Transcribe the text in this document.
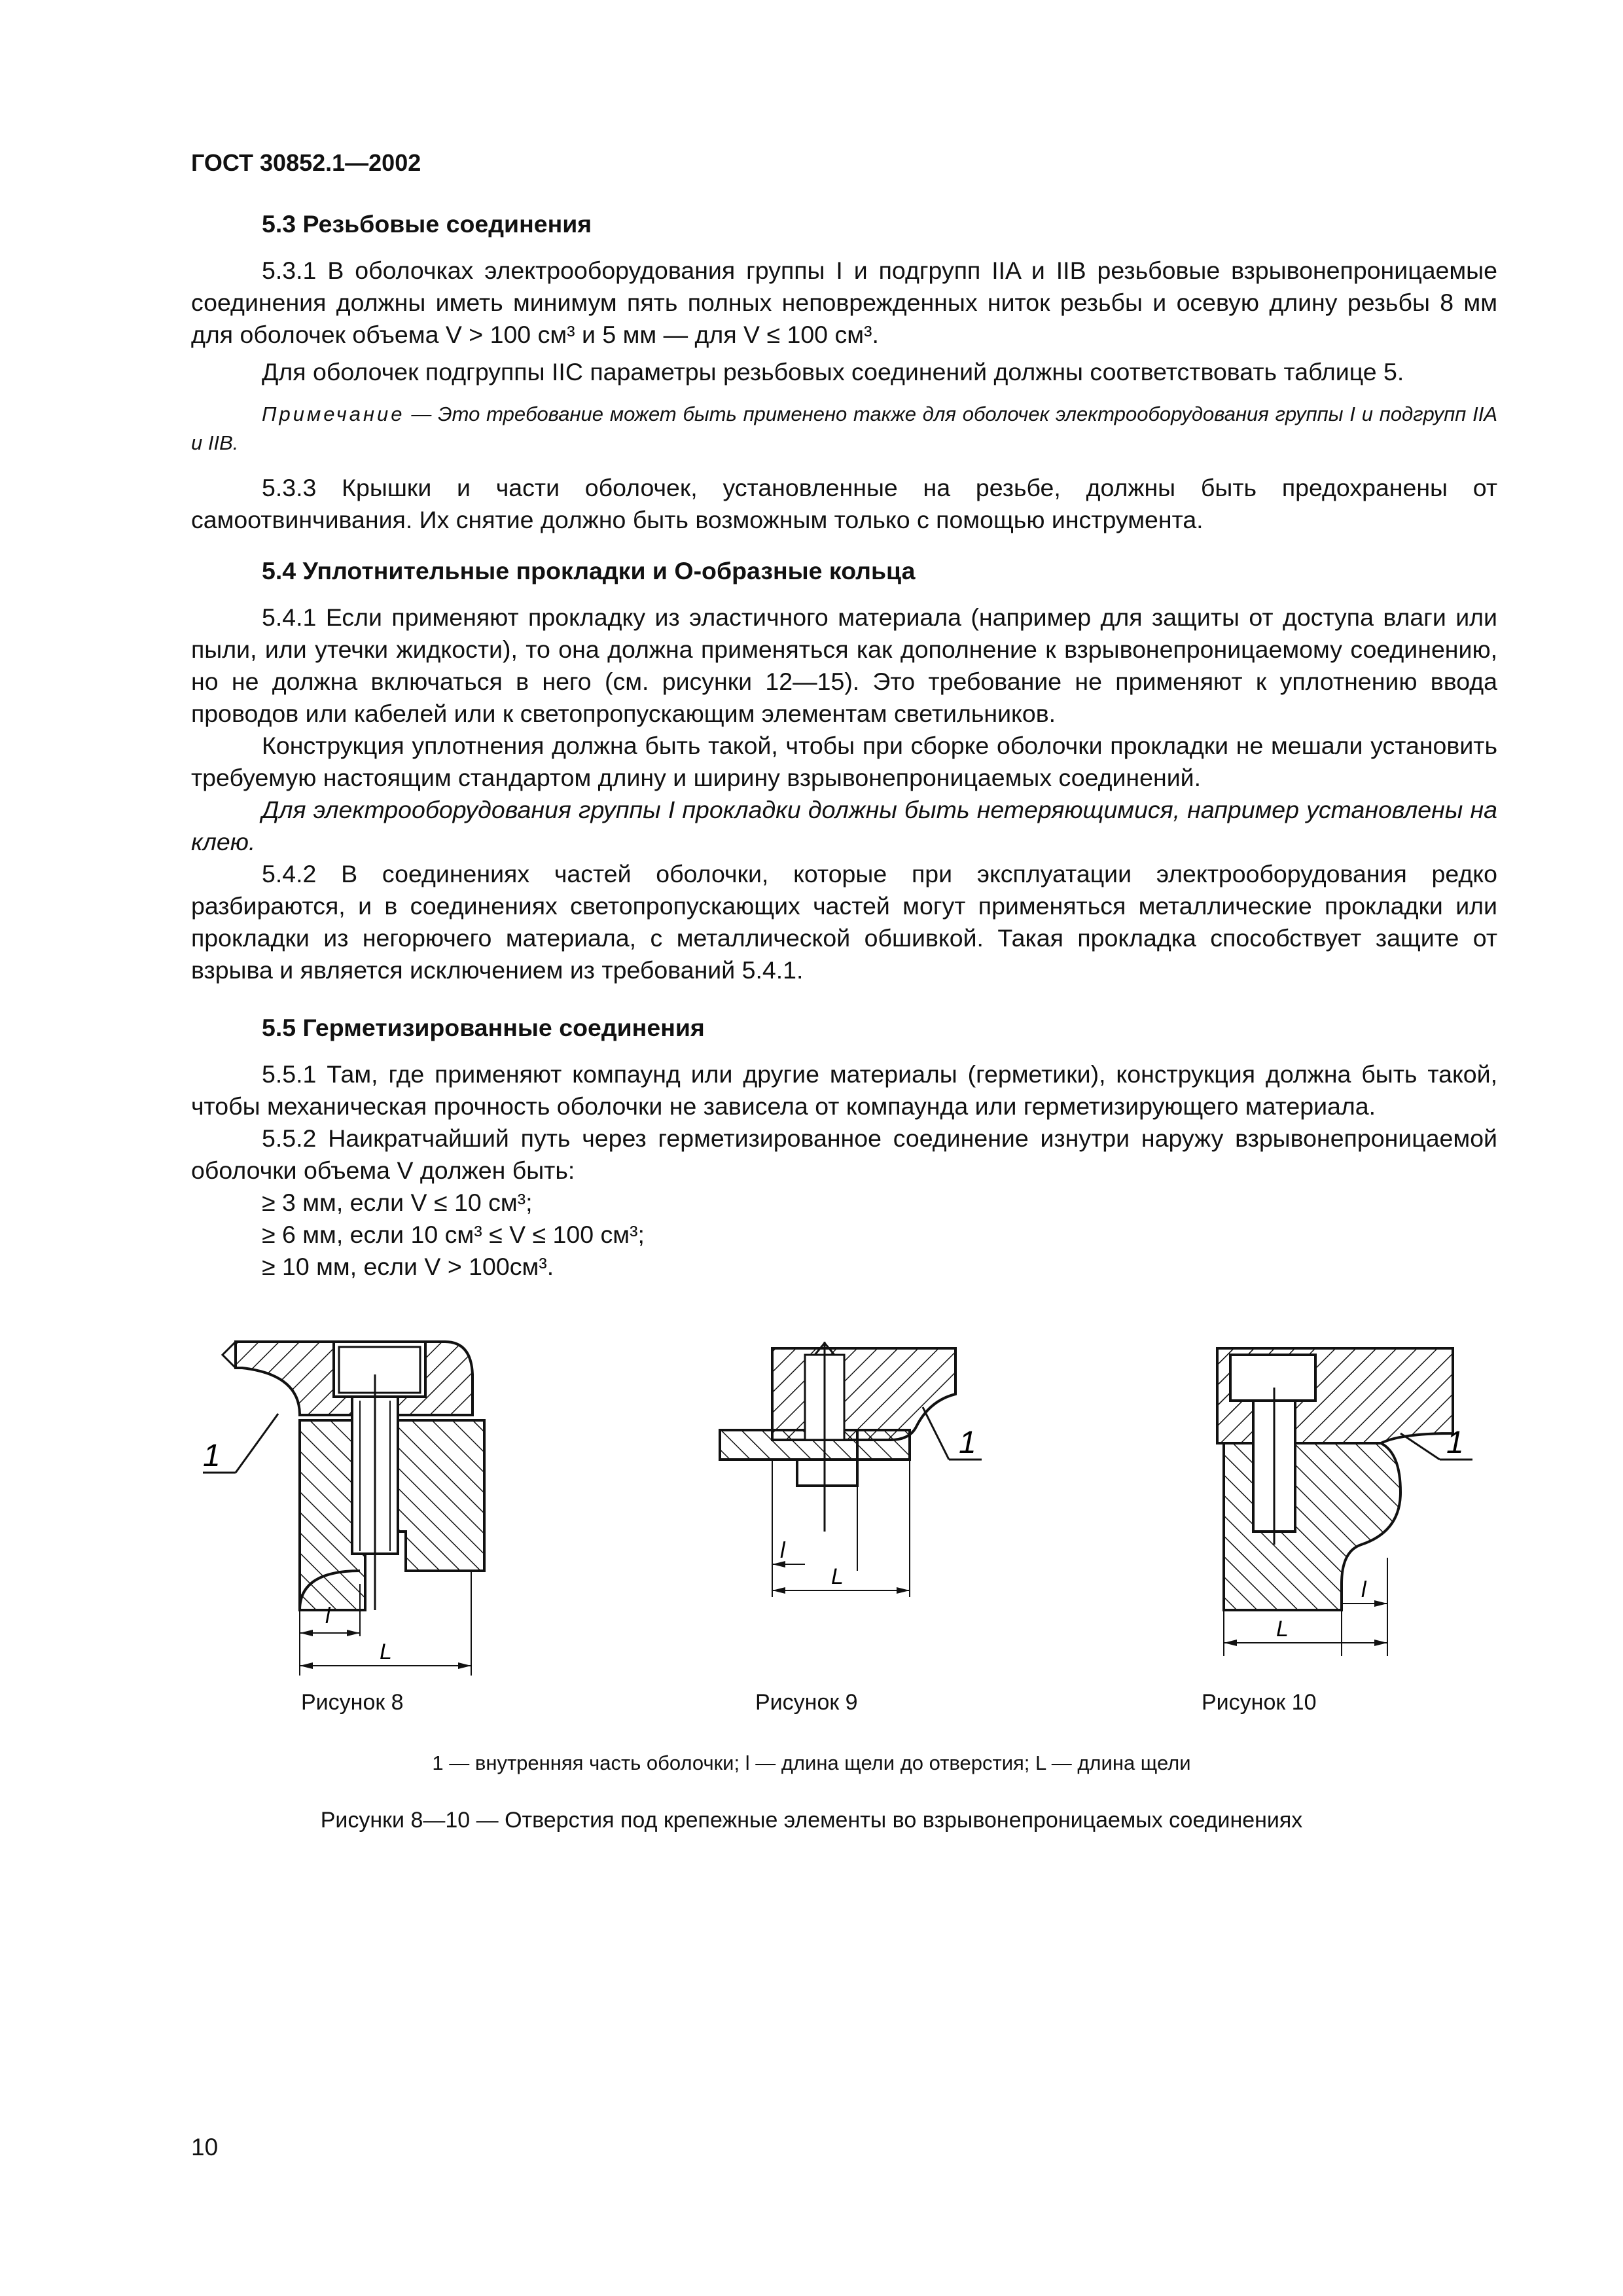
ГОСТ 30852.1—2002

5.3 Резьбовые соединения

5.3.1 В оболочках электрооборудования группы I и подгрупп IIA и IIB резьбовые взрывонепроницаемые соединения должны иметь минимум пять полных неповрежденных ниток резьбы и осевую длину резьбы 8 мм для оболочек объема V > 100 см³ и 5 мм — для V ≤ 100 см³.

Для оболочек подгруппы IIC параметры резьбовых соединений должны соответствовать таблице 5.

Примечание — Это требование может быть применено также для оболочек электрооборудования группы I и подгрупп IIA и IIB.

5.3.3 Крышки и части оболочек, установленные на резьбе, должны быть предохранены от самоотвинчивания. Их снятие должно быть возможным только с помощью инструмента.

5.4 Уплотнительные прокладки и О-образные кольца

5.4.1 Если применяют прокладку из эластичного материала (например для защиты от доступа влаги или пыли, или утечки жидкости), то она должна применяться как дополнение к взрывонепроницаемому соединению, но не должна включаться в него (см. рисунки 12—15). Это требование не применяют к уплотнению ввода проводов или кабелей или к светопропускающим элементам светильников.

Конструкция уплотнения должна быть такой, чтобы при сборке оболочки прокладки не мешали установить требуемую настоящим стандартом длину и ширину взрывонепроницаемых соединений.

Для электрооборудования группы I прокладки должны быть нетеряющимися, например установлены на клею.

5.4.2 В соединениях частей оболочки, которые при эксплуатации электрооборудования редко разбираются, и в соединениях светопропускающих частей могут применяться металлические прокладки или прокладки из негорючего материала, с металлической обшивкой. Такая прокладка способствует защите от взрыва и является исключением из требований 5.4.1.

5.5 Герметизированные соединения

5.5.1 Там, где применяют компаунд или другие материалы (герметики), конструкция должна быть такой, чтобы механическая прочность оболочки не зависела от компаунда или герметизирующего материала.

5.5.2 Наикратчайший путь через герметизированное соединение изнутри наружу взрывонепроницаемой оболочки объема V должен быть:

≥ 3 мм, если V ≤ 10 см³;
≥ 6 мм, если 10 см³ ≤ V ≤ 100 см³;
≥ 10 мм, если V > 100см³.
1
l
L
1
l
L
1
l
L
Рисунок 8	Рисунок 9	Рисунок 10
1 — внутренняя часть оболочки; l — длина щели до отверстия; L — длина щели
Рисунки 8—10 — Отверстия под крепежные элементы во взрывонепроницаемых соединениях
10
